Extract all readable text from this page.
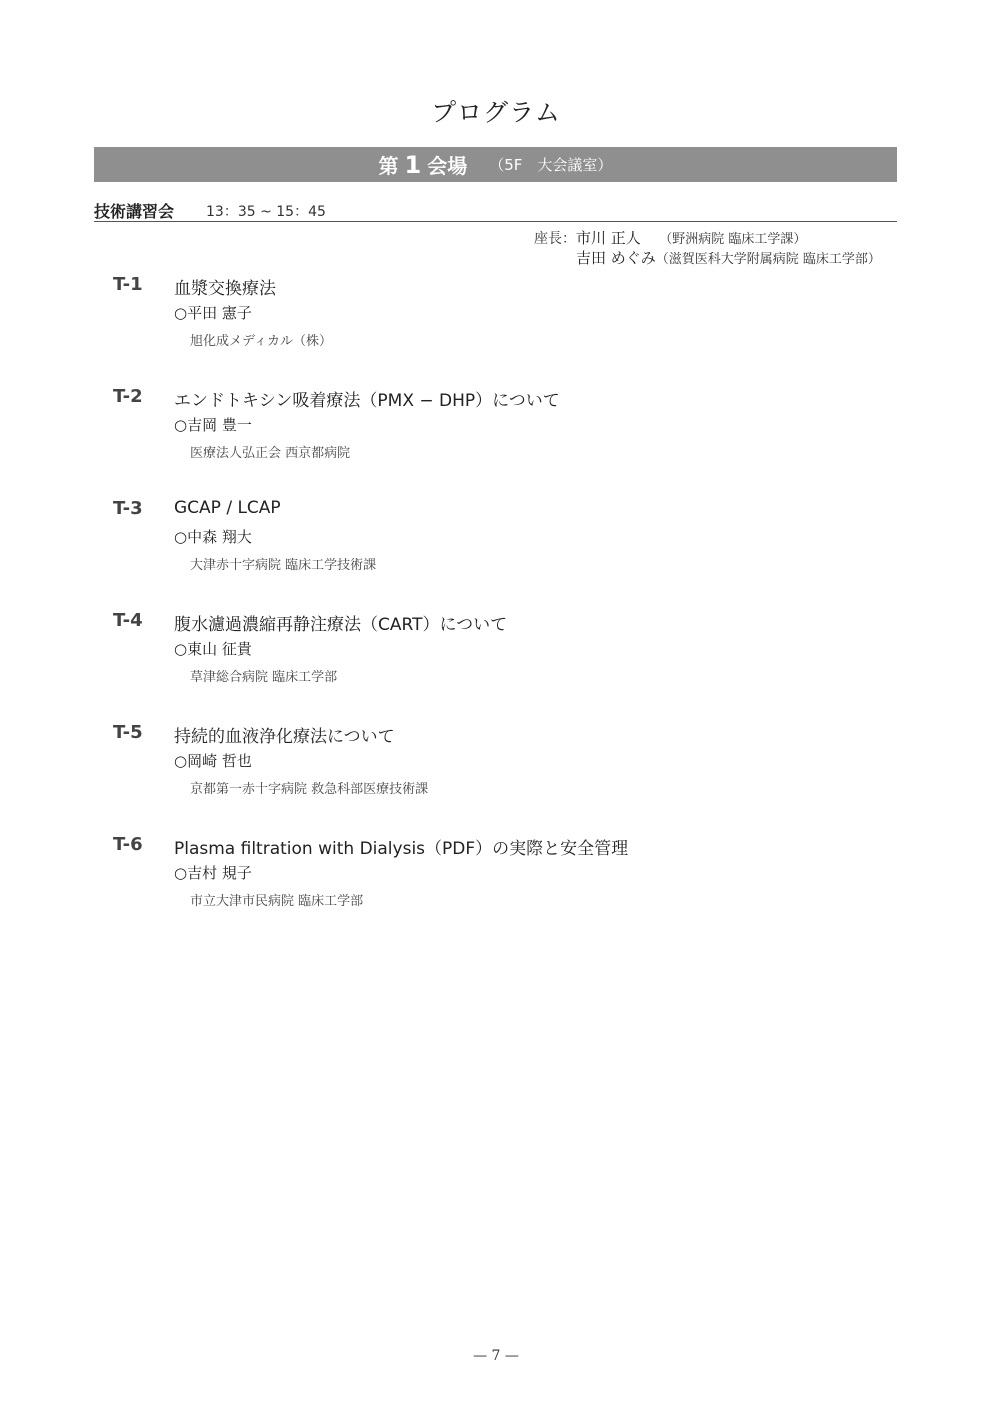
プログラム
第 1 会場 （5F　大会議室）
技術講習会 13：35 ~ 15：45
座長：市川 正人 （野洲病院 臨床工学課）
吉田 めぐみ（滋賀医科大学附属病院 臨床工学部）
T-1 血漿交換療法
○平田 憲子
旭化成メディカル（株）
T-2 エンドトキシン吸着療法（PMX − DHP）について
○吉岡 豊一
医療法人弘正会 西京都病院
T-3 GCAP / LCAP
○中森 翔大
大津赤十字病院 臨床工学技術課
T-4 腹水濾過濃縮再静注療法（CART）について
○東山 征貴
草津総合病院 臨床工学部
T-5 持続的血液浄化療法について
○岡崎 哲也
京都第一赤十字病院 救急科部医療技術課
T-6 Plasma filtration with Dialysis（PDF）の実際と安全管理
○吉村 規子
市立大津市民病院 臨床工学部
— 7 —
